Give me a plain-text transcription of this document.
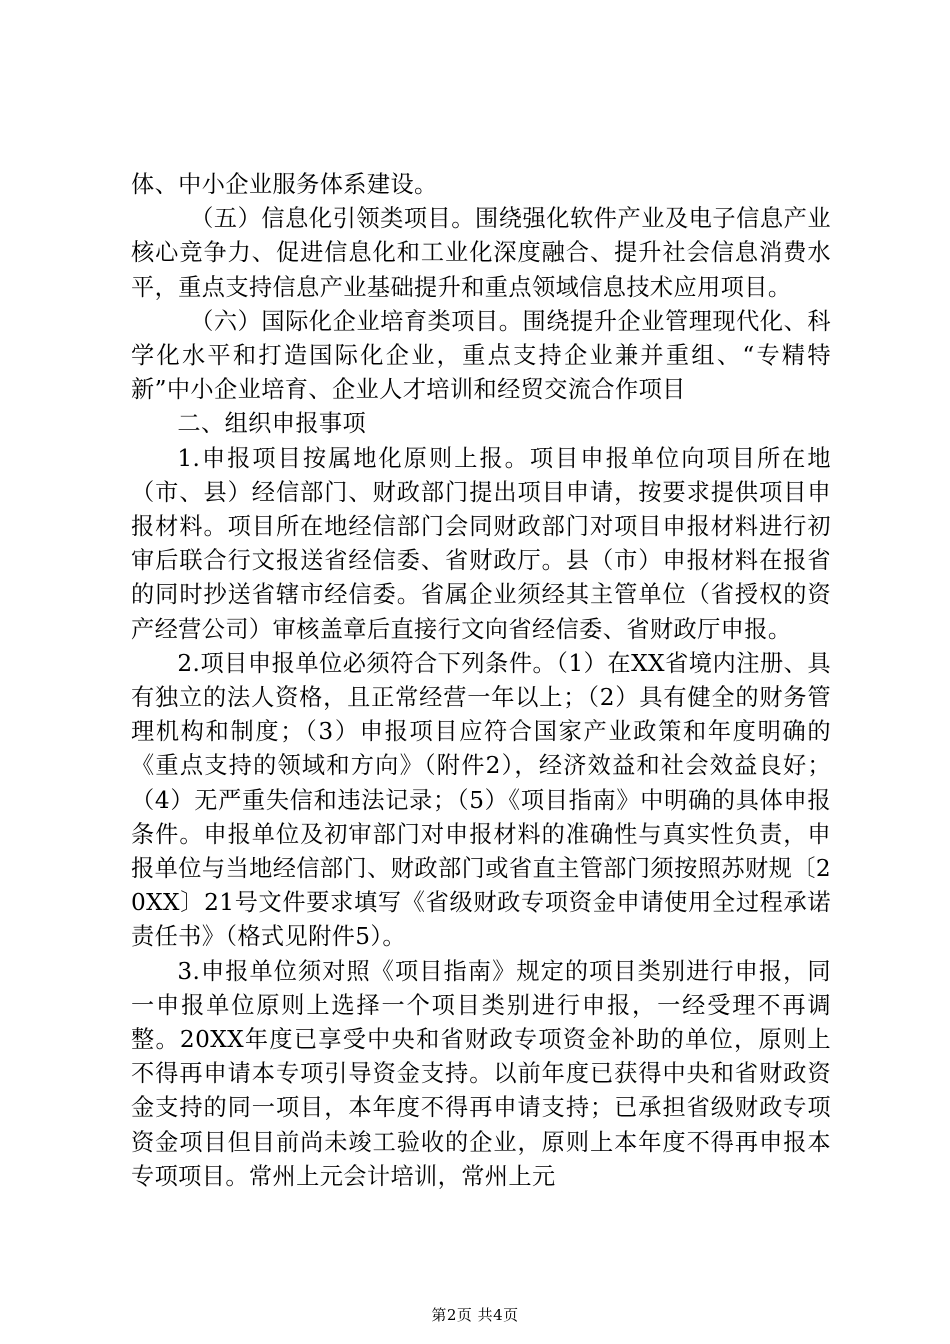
体、中小企业服务体系建设。

（五）信息化引领类项目。围绕强化软件产业及电子信息产业核心竞争力、促进信息化和工业化深度融合、提升社会信息消费水平，重点支持信息产业基础提升和重点领域信息技术应用项目。

（六）国际化企业培育类项目。围绕提升企业管理现代化、科学化水平和打造国际化企业，重点支持企业兼并重组、“专精特新”中小企业培育、企业人才培训和经贸交流合作项目

二、组织申报事项

1.申报项目按属地化原则上报。项目申报单位向项目所在地（市、县）经信部门、财政部门提出项目申请，按要求提供项目申报材料。项目所在地经信部门会同财政部门对项目申报材料进行初审后联合行文报送省经信委、省财政厅。县（市）申报材料在报省的同时抄送省辖市经信委。省属企业须经其主管单位（省授权的资产经营公司）审核盖章后直接行文向省经信委、省财政厅申报。

2.项目申报单位必须符合下列条件。（1）在XX省境内注册、具有独立的法人资格，且正常经营一年以上；（2）具有健全的财务管理机构和制度；（3）申报项目应符合国家产业政策和年度明确的《重点支持的领域和方向》（附件2），经济效益和社会效益良好；（4）无严重失信和违法记录；（5）《项目指南》中明确的具体申报条件。申报单位及初审部门对申报材料的准确性与真实性负责，申报单位与当地经信部门、财政部门或省直主管部门须按照苏财规〔20XX〕21号文件要求填写《省级财政专项资金申请使用全过程承诺责任书》（格式见附件5）。

3.申报单位须对照《项目指南》规定的项目类别进行申报，同一申报单位原则上选择一个项目类别进行申报，一经受理不再调整。20XX年度已享受中央和省财政专项资金补助的单位，原则上不得再申请本专项引导资金支持。以前年度已获得中央和省财政资金支持的同一项目，本年度不得再申请支持；已承担省级财政专项资金项目但目前尚未竣工验收的企业，原则上本年度不得再申报本专项项目。常州上元会计培训，常州上元

第2页 共4页
